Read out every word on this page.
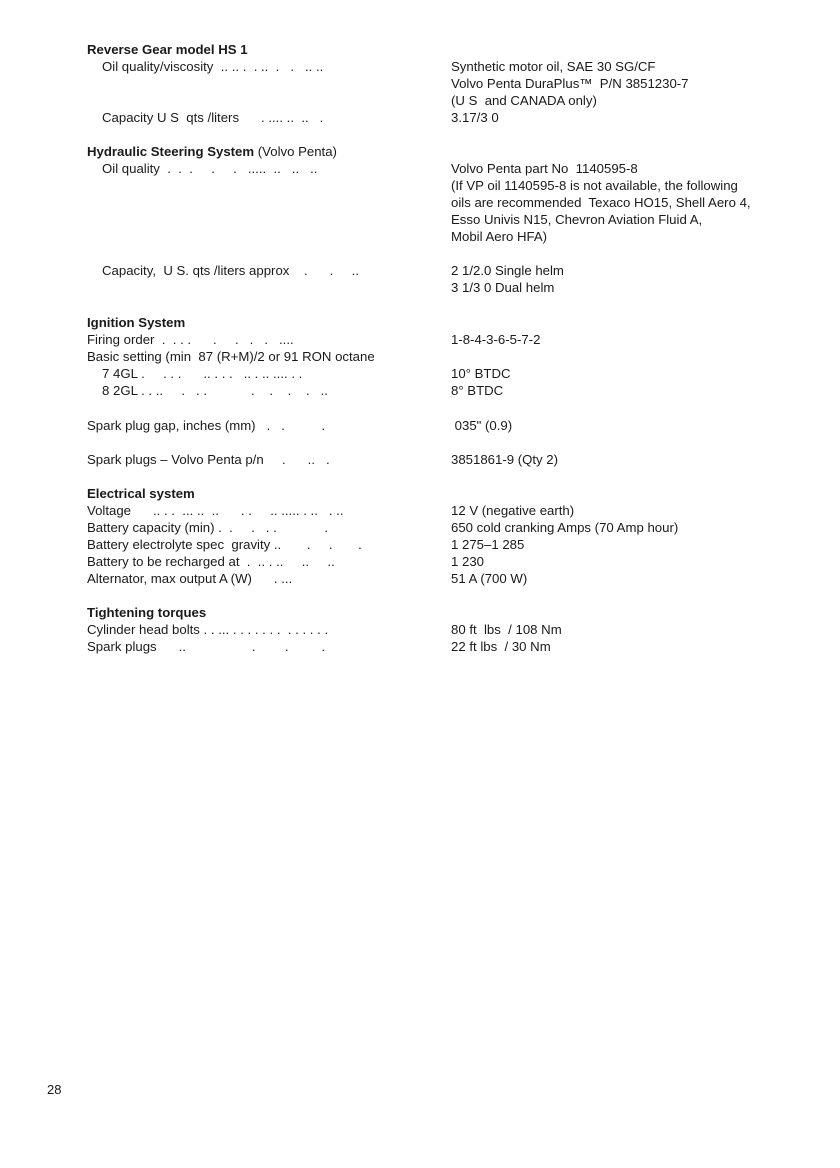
Reverse Gear model HS 1
Oil quality/viscosity  .. .. .  . ..  .   .   .. ..	Synthetic motor oil, SAE 30 SG/CF
Volvo Penta DuraPlus™  P/N 3851230-7
(U S  and CANADA only)
Capacity U S  qts /liters      . .... ..  ..   .	3.17/3 0
Hydraulic Steering System (Volvo Penta)
Oil quality  .  .  .     .     .   .....  ..   ..   ..	Volvo Penta part No  1140595-8
(If VP oil 1140595-8 is not available, the following
oils are recommended  Texaco HO15, Shell Aero 4,
Esso Univis N15, Chevron Aviation Fluid A,
Mobil Aero HFA)
Capacity,  U S. qts /liters approx    .      .     ..	2 1/2.0 Single helm
3 1/3 0 Dual helm
Ignition System
Firing order  .  . . .      .     .   .   .   ....	1-8-4-3-6-5-7-2
Basic setting (min  87 (R+M)/2 or 91 RON octane
7 4GL .     . . .      .. . . .   .. . .. .... . .	10° BTDC
8 2GL . . ..     .   . .            .    .    .    .   ..	8° BTDC
Spark plug gap, inches (mm)   .   .          .	035" (0.9)
Spark plugs – Volvo Penta p/n     .      ..   .	3851861-9 (Qty 2)
Electrical system
Voltage      .. . .  ... ..  ..      . .     .. ..... . ..   . ..	12 V (negative earth)
Battery capacity (min) .  .     .   . .             .	650 cold cranking Amps (70 Amp hour)
Battery electrolyte spec  gravity ..       .     .       .	1 275–1 285
Battery to be recharged at  .  .. . ..     ..     ..	1 230
Alternator, max output A (W)      . ...	51 A (700 W)
Tightening torques
Cylinder head bolts . . ... . . . . . . .  . . . . . .	80 ft  lbs  / 108 Nm
Spark plugs      ..                  .        .         .	22 ft lbs  / 30 Nm
28
